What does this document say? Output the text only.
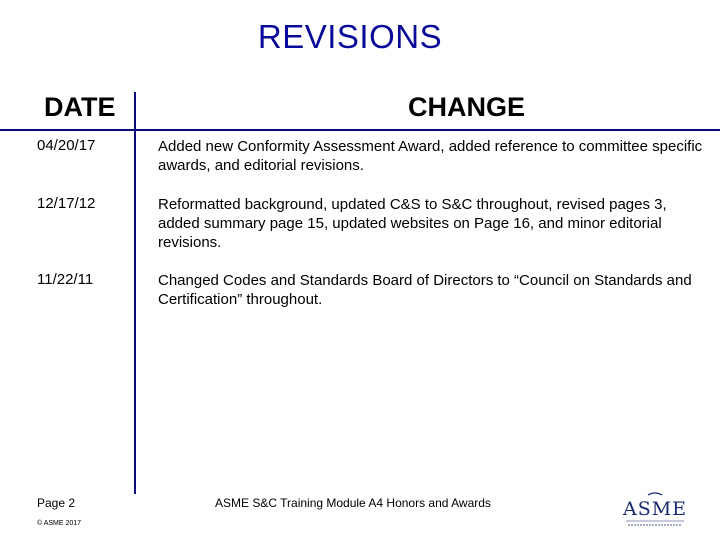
REVISIONS
DATE	CHANGE
04/20/17	Added new Conformity Assessment Award, added reference to committee specific awards, and editorial revisions.
12/17/12	Reformatted background, updated C&S to S&C throughout, revised pages 3, added summary page 15, updated websites on Page 16, and minor editorial revisions.
11/22/11	Changed Codes and Standards Board of Directors to “Council on Standards and Certification” throughout.
Page 2
© ASME 2017
ASME S&C Training Module A4 Honors and Awards	ASME
